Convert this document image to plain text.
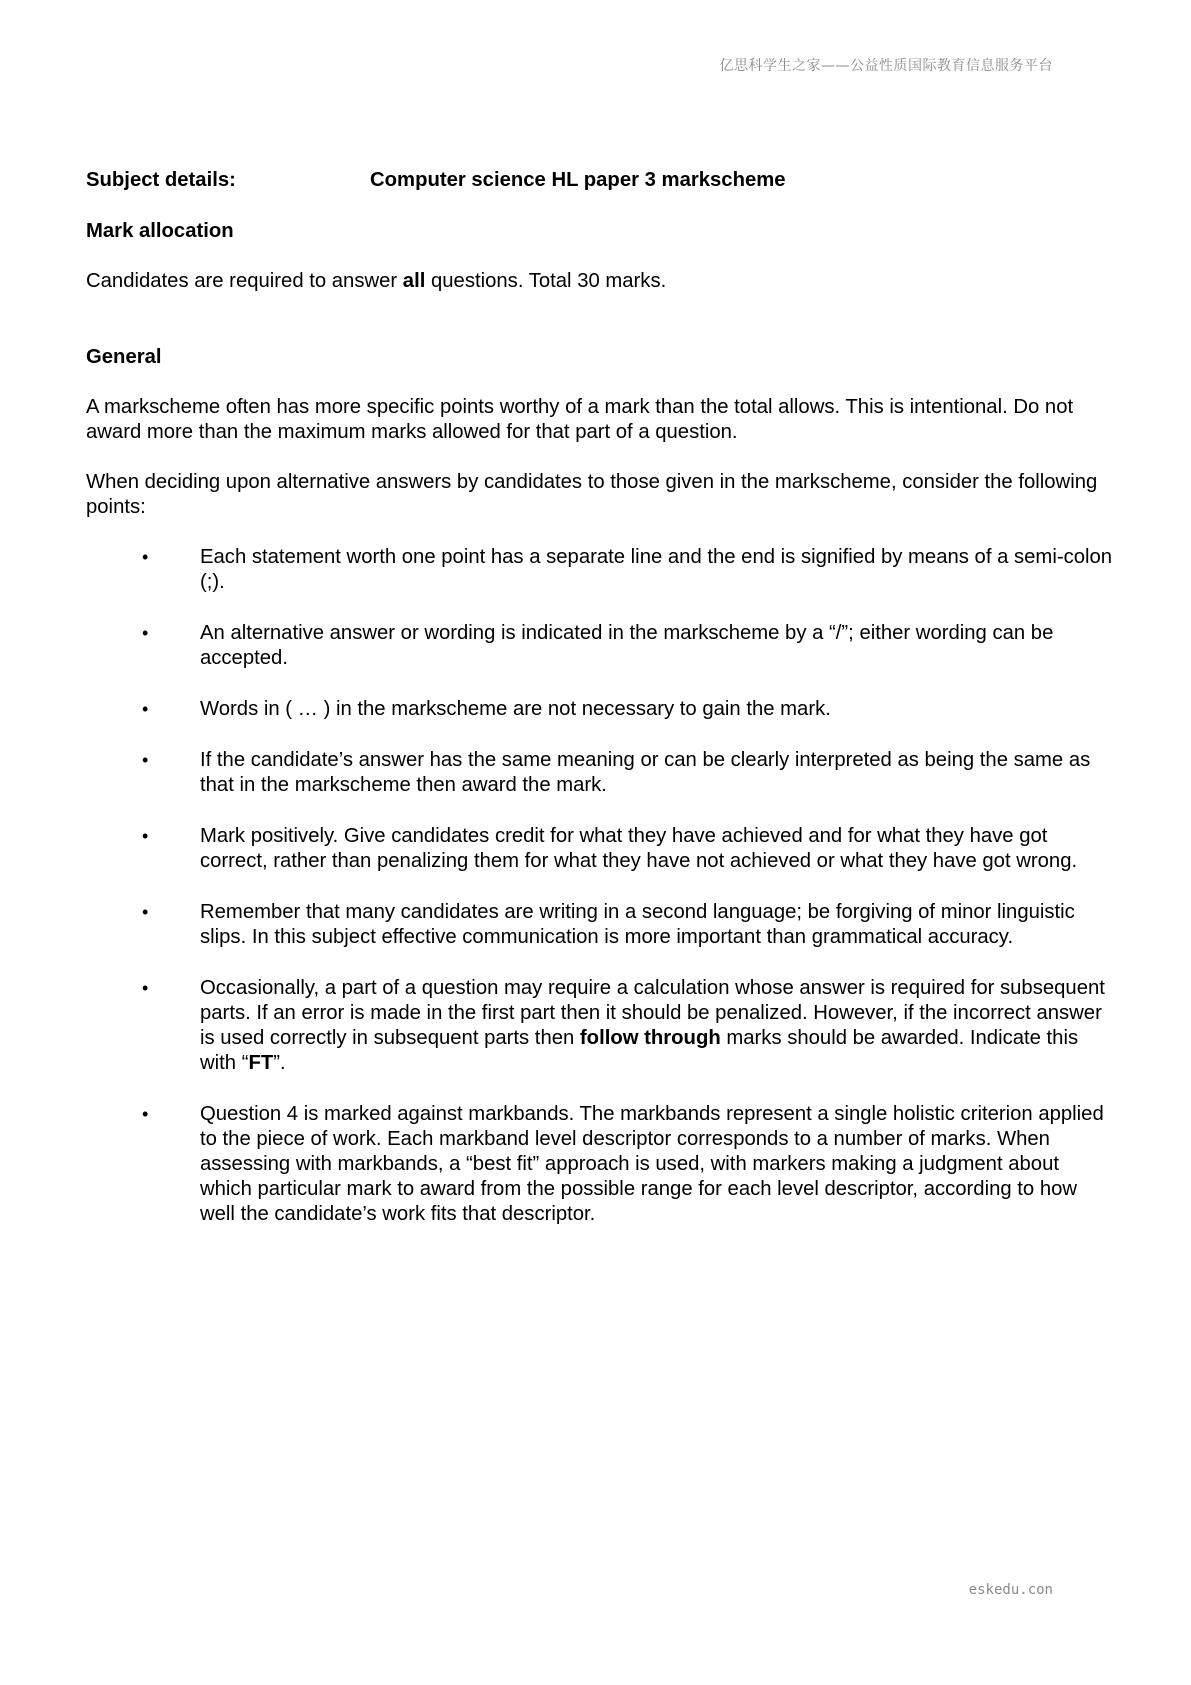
亿思科学生之家——公益性质国际教育信息服务平台
Subject details:	Computer science HL paper 3 markscheme

Mark allocation

Candidates are required to answer all questions. Total 30 marks.

General

A markscheme often has more specific points worthy of a mark than the total allows. This is intentional. Do not award more than the maximum marks allowed for that part of a question.

When deciding upon alternative answers by candidates to those given in the markscheme, consider the following points:

•	Each statement worth one point has a separate line and the end is signified by means of a semi-colon (;).
•	An alternative answer or wording is indicated in the markscheme by a “/”; either wording can be accepted.
•	Words in ( … ) in the markscheme are not necessary to gain the mark.
•	If the candidate’s answer has the same meaning or can be clearly interpreted as being the same as that in the markscheme then award the mark.
•	Mark positively. Give candidates credit for what they have achieved and for what they have got correct, rather than penalizing them for what they have not achieved or what they have got wrong.
•	Remember that many candidates are writing in a second language; be forgiving of minor linguistic slips. In this subject effective communication is more important than grammatical accuracy.
•	Occasionally, a part of a question may require a calculation whose answer is required for subsequent parts. If an error is made in the first part then it should be penalized. However, if the incorrect answer is used correctly in subsequent parts then follow through marks should be awarded. Indicate this with “FT”.
•	Question 4 is marked against markbands. The markbands represent a single holistic criterion applied to the piece of work. Each markband level descriptor corresponds to a number of marks. When assessing with markbands, a “best fit” approach is used, with markers making a judgment about which particular mark to award from the possible range for each level descriptor, according to how well the candidate’s work fits that descriptor.
eskedu.con
